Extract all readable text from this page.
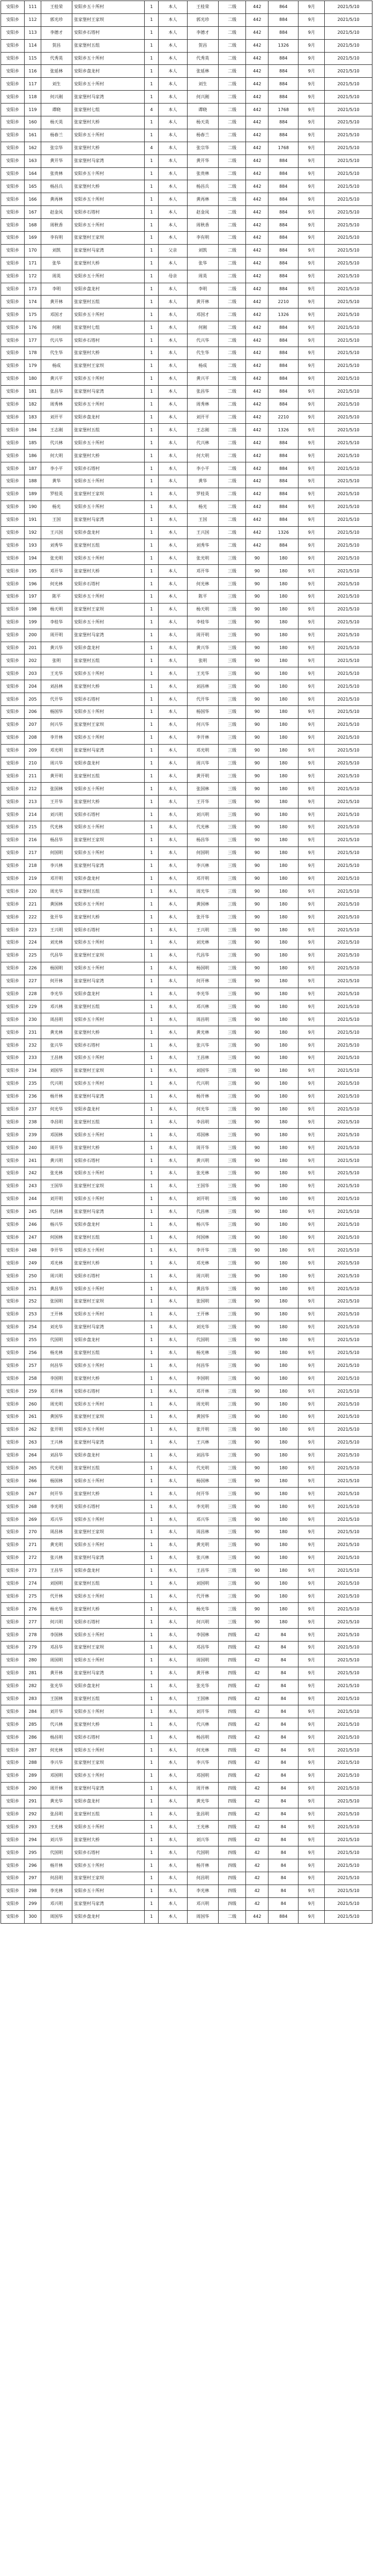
安阳乡	111	王桂荣	安阳乡五十所村	1	本人	王桂荣	二级	442	864	9月	2021/5/10
安阳乡	112	郭光珍	张家堡村王家坝	1	本人	郭光珍	二级	442	884	9月	2021/5/10
安阳乡	113	李德才	安阳乡石塔村	1	本人	李德才	二级	442	884	9月	2021/5/10
安阳乡	114	贺昌	张家堡村五组	1	本人	贺昌	二级	442	1326	9月	2021/5/10
安阳乡	115	代秀英	安阳乡五十所村	1	本人	代秀英	二级	442	884	9月	2021/5/10
安阳乡	116	张延林	安阳乡盘龙村	1	本人	张延林	二级	442	884	9月	2021/5/10
安阳乡	117	刘生	安阳乡五十所村	1	本人	刘生	二级	442	884	9月	2021/5/10
安阳乡	118	何兴刚	张家堡村马家湾	1	本人	何兴刚	二级	442	884	9月	2021/5/10
安阳乡	119	谭晓	张家堡村七组	4	本人	谭晓	二级	442	1768	9月	2021/5/10
安阳乡	160	杨天英	张家堡村大桥	1	本人	杨天英	二级	442	884	9月	2021/5/10
安阳乡	161	杨春兰	安阳乡五十所村	1	本人	杨春兰	二级	442	884	9月	2021/5/10
安阳乡	162	张宗华	张家堡村大桥	4	本人	张宗华	二级	442	1768	9月	2021/5/10
安阳乡	163	黄开华	张家堡村马家湾	1	本人	黄开华	二级	442	884	9月	2021/5/10
安阳乡	164	张贵林	安阳乡五十所村	1	本人	张贵林	二级	442	884	9月	2021/5/10
安阳乡	165	杨昌兵	张家堡村大桥	1	本人	杨昌兵	二级	442	884	9月	2021/5/10
安阳乡	166	黄再林	安阳乡五十所村	1	本人	黄再林	二级	442	884	9月	2021/5/10
安阳乡	167	赵金凤	安阳乡石塔村	1	本人	赵金凤	二级	442	884	9月	2021/5/10
安阳乡	168	周秋香	安阳乡五十所村	1	本人	周秋香	二级	442	884	9月	2021/5/10
安阳乡	169	李有明	张家堡村王家坝	1	本人	李有明	二级	442	884	9月	2021/5/10
安阳乡	170	刘凯	张家堡村马家湾	1	父亲	刘凯	二级	442	884	9月	2021/5/10
安阳乡	171	张华	张家堡村大桥	1	本人	张华	二级	442	884	9月	2021/5/10
安阳乡	172	周英	安阳乡五十所村	1	母亲	周英	二级	442	884	9月	2021/5/10
安阳乡	173	李明	安阳乡盘龙村	1	本人	李明	二级	442	884	9月	2021/5/10
安阳乡	174	黄开林	张家堡村五组	1	本人	黄开林	二级	442	2210	9月	2021/5/10
安阳乡	175	邓国才	安阳乡五十所村	1	本人	邓国才	二级	442	1326	9月	2021/5/10
安阳乡	176	何刚	张家堡村七组	1	本人	何刚	二级	442	884	9月	2021/5/10
安阳乡	177	代兴华	安阳乡石塔村	1	本人	代兴华	二级	442	884	9月	2021/5/10
安阳乡	178	代生华	张家堡村大桥	1	本人	代生华	二级	442	884	9月	2021/5/10
安阳乡	179	杨成	张家堡村王家坝	1	本人	杨成	二级	442	884	9月	2021/5/10
安阳乡	180	黄兴平	安阳乡五十所村	1	本人	黄兴平	二级	442	884	9月	2021/5/10
安阳乡	181	张昌华	张家堡村马家湾	1	本人	张昌华	二级	442	884	9月	2021/5/10
安阳乡	182	周秀林	安阳乡五十所村	1	本人	周秀林	二级	442	884	9月	2021/5/10
安阳乡	183	刘开平	安阳乡盘龙村	1	本人	刘开平	二级	442	2210	9月	2021/5/10
安阳乡	184	王志刚	张家堡村五组	1	本人	王志刚	二级	442	1326	9月	2021/5/10
安阳乡	185	代兴林	安阳乡五十所村	1	本人	代兴林	二级	442	884	9月	2021/5/10
安阳乡	186	何大明	张家堡村大桥	1	本人	何大明	二级	442	884	9月	2021/5/10
安阳乡	187	李小平	安阳乡石塔村	1	本人	李小平	二级	442	884	9月	2021/5/10
安阳乡	188	黄华	安阳乡五十所村	1	本人	黄华	二级	442	884	9月	2021/5/10
安阳乡	189	罗桂英	张家堡村王家坝	1	本人	罗桂英	二级	442	884	9月	2021/5/10
安阳乡	190	杨光	安阳乡五十所村	1	本人	杨光	二级	442	884	9月	2021/5/10
安阳乡	191	王国	张家堡村马家湾	1	本人	王国	二级	442	884	9月	2021/5/10
安阳乡	192	王兴国	安阳乡盘龙村	1	本人	王兴国	二级	442	1326	9月	2021/5/10
安阳乡	193	刘秀华	张家堡村五组	1	本人	刘秀华	二级	442	884	9月	2021/5/10
安阳乡	194	张光明	安阳乡五十所村	1	本人	张光明	三级	90	180	9月	2021/5/10
安阳乡	195	邓开华	张家堡村大桥	1	本人	邓开华	三级	90	180	9月	2021/5/10
安阳乡	196	何光林	安阳乡石塔村	1	本人	何光林	三级	90	180	9月	2021/5/10
安阳乡	197	陈平	安阳乡五十所村	1	本人	陈平	三级	90	180	9月	2021/5/10
安阳乡	198	杨天明	张家堡村王家坝	1	本人	杨天明	三级	90	180	9月	2021/5/10
安阳乡	199	李桂华	安阳乡五十所村	1	本人	李桂华	三级	90	180	9月	2021/5/10
安阳乡	200	周开明	张家堡村马家湾	1	本人	周开明	三级	90	180	9月	2021/5/10
安阳乡	201	黄兴华	安阳乡盘龙村	1	本人	黄兴华	三级	90	180	9月	2021/5/10
安阳乡	202	张明	张家堡村五组	1	本人	张明	三级	90	180	9月	2021/5/10
安阳乡	203	王光华	安阳乡五十所村	1	本人	王光华	三级	90	180	9月	2021/5/10
安阳乡	204	刘昌林	张家堡村大桥	1	本人	刘昌林	三级	90	180	9月	2021/5/10
安阳乡	205	代开华	安阳乡石塔村	1	本人	代开华	三级	90	180	9月	2021/5/10
安阳乡	206	杨国华	安阳乡五十所村	1	本人	杨国华	三级	90	180	9月	2021/5/10
安阳乡	207	何兴华	张家堡村王家坝	1	本人	何兴华	三级	90	180	9月	2021/5/10
安阳乡	208	李开林	安阳乡五十所村	1	本人	李开林	三级	90	180	9月	2021/5/10
安阳乡	209	邓光明	张家堡村马家湾	1	本人	邓光明	三级	90	180	9月	2021/5/10
安阳乡	210	周兴华	安阳乡盘龙村	1	本人	周兴华	三级	90	180	9月	2021/5/10
安阳乡	211	黄开明	张家堡村五组	1	本人	黄开明	三级	90	180	9月	2021/5/10
安阳乡	212	张国林	安阳乡五十所村	1	本人	张国林	三级	90	180	9月	2021/5/10
安阳乡	213	王开华	张家堡村大桥	1	本人	王开华	三级	90	180	9月	2021/5/10
安阳乡	214	刘兴明	安阳乡石塔村	1	本人	刘兴明	三级	90	180	9月	2021/5/10
安阳乡	215	代光林	安阳乡五十所村	1	本人	代光林	三级	90	180	9月	2021/5/10
安阳乡	216	杨昌华	张家堡村王家坝	1	本人	杨昌华	三级	90	180	9月	2021/5/10
安阳乡	217	何国明	安阳乡五十所村	1	本人	何国明	三级	90	180	9月	2021/5/10
安阳乡	218	李兴林	张家堡村马家湾	1	本人	李兴林	三级	90	180	9月	2021/5/10
安阳乡	219	邓开明	安阳乡盘龙村	1	本人	邓开明	三级	90	180	9月	2021/5/10
安阳乡	220	周光华	张家堡村五组	1	本人	周光华	三级	90	180	9月	2021/5/10
安阳乡	221	黄国林	安阳乡五十所村	1	本人	黄国林	三级	90	180	9月	2021/5/10
安阳乡	222	张开华	张家堡村大桥	1	本人	张开华	三级	90	180	9月	2021/5/10
安阳乡	223	王兴明	安阳乡石塔村	1	本人	王兴明	三级	90	180	9月	2021/5/10
安阳乡	224	刘光林	安阳乡五十所村	1	本人	刘光林	三级	90	180	9月	2021/5/10
安阳乡	225	代昌华	张家堡村王家坝	1	本人	代昌华	三级	90	180	9月	2021/5/10
安阳乡	226	杨国明	安阳乡五十所村	1	本人	杨国明	三级	90	180	9月	2021/5/10
安阳乡	227	何开林	张家堡村马家湾	1	本人	何开林	三级	90	180	9月	2021/5/10
安阳乡	228	李光华	安阳乡盘龙村	1	本人	李光华	三级	90	180	9月	2021/5/10
安阳乡	229	邓兴林	张家堡村五组	1	本人	邓兴林	三级	90	180	9月	2021/5/10
安阳乡	230	周昌明	安阳乡五十所村	1	本人	周昌明	三级	90	180	9月	2021/5/10
安阳乡	231	黄光林	张家堡村大桥	1	本人	黄光林	三级	90	180	9月	2021/5/10
安阳乡	232	张兴华	安阳乡石塔村	1	本人	张兴华	三级	90	180	9月	2021/5/10
安阳乡	233	王昌林	安阳乡五十所村	1	本人	王昌林	三级	90	180	9月	2021/5/10
安阳乡	234	刘国华	张家堡村王家坝	1	本人	刘国华	三级	90	180	9月	2021/5/10
安阳乡	235	代兴明	安阳乡五十所村	1	本人	代兴明	三级	90	180	9月	2021/5/10
安阳乡	236	杨开林	张家堡村马家湾	1	本人	杨开林	三级	90	180	9月	2021/5/10
安阳乡	237	何光华	安阳乡盘龙村	1	本人	何光华	三级	90	180	9月	2021/5/10
安阳乡	238	李昌明	张家堡村五组	1	本人	李昌明	三级	90	180	9月	2021/5/10
安阳乡	239	邓国林	安阳乡五十所村	1	本人	邓国林	三级	90	180	9月	2021/5/10
安阳乡	240	周开华	张家堡村大桥	1	本人	周开华	三级	90	180	9月	2021/5/10
安阳乡	241	黄兴明	安阳乡石塔村	1	本人	黄兴明	三级	90	180	9月	2021/5/10
安阳乡	242	张光林	安阳乡五十所村	1	本人	张光林	三级	90	180	9月	2021/5/10
安阳乡	243	王国华	张家堡村王家坝	1	本人	王国华	三级	90	180	9月	2021/5/10
安阳乡	244	刘开明	安阳乡五十所村	1	本人	刘开明	三级	90	180	9月	2021/5/10
安阳乡	245	代昌林	张家堡村马家湾	1	本人	代昌林	三级	90	180	9月	2021/5/10
安阳乡	246	杨兴华	安阳乡盘龙村	1	本人	杨兴华	三级	90	180	9月	2021/5/10
安阳乡	247	何国林	张家堡村五组	1	本人	何国林	三级	90	180	9月	2021/5/10
安阳乡	248	李开华	安阳乡五十所村	1	本人	李开华	三级	90	180	9月	2021/5/10
安阳乡	249	邓光林	张家堡村大桥	1	本人	邓光林	三级	90	180	9月	2021/5/10
安阳乡	250	周兴明	安阳乡石塔村	1	本人	周兴明	三级	90	180	9月	2021/5/10
安阳乡	251	黄昌华	安阳乡五十所村	1	本人	黄昌华	三级	90	180	9月	2021/5/10
安阳乡	252	张国明	张家堡村王家坝	1	本人	张国明	三级	90	180	9月	2021/5/10
安阳乡	253	王开林	安阳乡五十所村	1	本人	王开林	三级	90	180	9月	2021/5/10
安阳乡	254	刘光华	张家堡村马家湾	1	本人	刘光华	三级	90	180	9月	2021/5/10
安阳乡	255	代国明	安阳乡盘龙村	1	本人	代国明	三级	90	180	9月	2021/5/10
安阳乡	256	杨光林	张家堡村五组	1	本人	杨光林	三级	90	180	9月	2021/5/10
安阳乡	257	何昌华	安阳乡五十所村	1	本人	何昌华	三级	90	180	9月	2021/5/10
安阳乡	258	李国明	张家堡村大桥	1	本人	李国明	三级	90	180	9月	2021/5/10
安阳乡	259	邓开林	安阳乡石塔村	1	本人	邓开林	三级	90	180	9月	2021/5/10
安阳乡	260	周光明	安阳乡五十所村	1	本人	周光明	三级	90	180	9月	2021/5/10
安阳乡	261	黄国华	张家堡村王家坝	1	本人	黄国华	三级	90	180	9月	2021/5/10
安阳乡	262	张开明	安阳乡五十所村	1	本人	张开明	三级	90	180	9月	2021/5/10
安阳乡	263	王兴林	张家堡村马家湾	1	本人	王兴林	三级	90	180	9月	2021/5/10
安阳乡	264	刘昌华	安阳乡盘龙村	1	本人	刘昌华	三级	90	180	9月	2021/5/10
安阳乡	265	代光明	张家堡村五组	1	本人	代光明	三级	90	180	9月	2021/5/10
安阳乡	266	杨国林	安阳乡五十所村	1	本人	杨国林	三级	90	180	9月	2021/5/10
安阳乡	267	何开华	张家堡村大桥	1	本人	何开华	三级	90	180	9月	2021/5/10
安阳乡	268	李光明	安阳乡石塔村	1	本人	李光明	三级	90	180	9月	2021/5/10
安阳乡	269	邓兴华	安阳乡五十所村	1	本人	邓兴华	三级	90	180	9月	2021/5/10
安阳乡	270	周昌林	张家堡村王家坝	1	本人	周昌林	三级	90	180	9月	2021/5/10
安阳乡	271	黄光明	安阳乡五十所村	1	本人	黄光明	三级	90	180	9月	2021/5/10
安阳乡	272	张兴林	张家堡村马家湾	1	本人	张兴林	三级	90	180	9月	2021/5/10
安阳乡	273	王昌华	安阳乡盘龙村	1	本人	王昌华	三级	90	180	9月	2021/5/10
安阳乡	274	刘国明	张家堡村五组	1	本人	刘国明	三级	90	180	9月	2021/5/10
安阳乡	275	代开林	安阳乡五十所村	1	本人	代开林	三级	90	180	9月	2021/5/10
安阳乡	276	杨光华	张家堡村大桥	1	本人	杨光华	三级	90	180	9月	2021/5/10
安阳乡	277	何兴明	安阳乡石塔村	1	本人	何兴明	三级	90	180	9月	2021/5/10
安阳乡	278	李国林	安阳乡五十所村	1	本人	李国林	四级	42	84	9月	2021/5/10
安阳乡	279	邓昌华	张家堡村王家坝	1	本人	邓昌华	四级	42	84	9月	2021/5/10
安阳乡	280	周国明	安阳乡五十所村	1	本人	周国明	四级	42	84	9月	2021/5/10
安阳乡	281	黄开林	张家堡村马家湾	1	本人	黄开林	四级	42	84	9月	2021/5/10
安阳乡	282	张光华	安阳乡盘龙村	1	本人	张光华	四级	42	84	9月	2021/5/10
安阳乡	283	王国林	张家堡村五组	1	本人	王国林	四级	42	84	9月	2021/5/10
安阳乡	284	刘开华	安阳乡五十所村	1	本人	刘开华	四级	42	84	9月	2021/5/10
安阳乡	285	代兴林	张家堡村大桥	1	本人	代兴林	四级	42	84	9月	2021/5/10
安阳乡	286	杨昌明	安阳乡石塔村	1	本人	杨昌明	四级	42	84	9月	2021/5/10
安阳乡	287	何光林	安阳乡五十所村	1	本人	何光林	四级	42	84	9月	2021/5/10
安阳乡	288	李兴华	张家堡村王家坝	1	本人	李兴华	四级	42	84	9月	2021/5/10
安阳乡	289	邓国明	安阳乡五十所村	1	本人	邓国明	四级	42	84	9月	2021/5/10
安阳乡	290	周开林	张家堡村马家湾	1	本人	周开林	四级	42	84	9月	2021/5/10
安阳乡	291	黄光华	安阳乡盘龙村	1	本人	黄光华	四级	42	84	9月	2021/5/10
安阳乡	292	张昌明	张家堡村五组	1	本人	张昌明	四级	42	84	9月	2021/5/10
安阳乡	293	王光林	安阳乡五十所村	1	本人	王光林	四级	42	84	9月	2021/5/10
安阳乡	294	刘兴华	张家堡村大桥	1	本人	刘兴华	四级	42	84	9月	2021/5/10
安阳乡	295	代国明	安阳乡石塔村	1	本人	代国明	四级	42	84	9月	2021/5/10
安阳乡	296	杨开林	安阳乡五十所村	1	本人	杨开林	四级	42	84	9月	2021/5/10
安阳乡	297	何昌明	张家堡村王家坝	1	本人	何昌明	四级	42	84	9月	2021/5/10
安阳乡	298	李光林	安阳乡五十所村	1	本人	李光林	四级	42	84	9月	2021/5/10
安阳乡	299	邓兴明	张家堡村马家湾	1	本人	邓兴明	四级	42	84	9月	2021/5/10
安阳乡	300	周国华	安阳乡盘龙村	1	本人	周国华	二级	442	884	9月	2021/5/10
